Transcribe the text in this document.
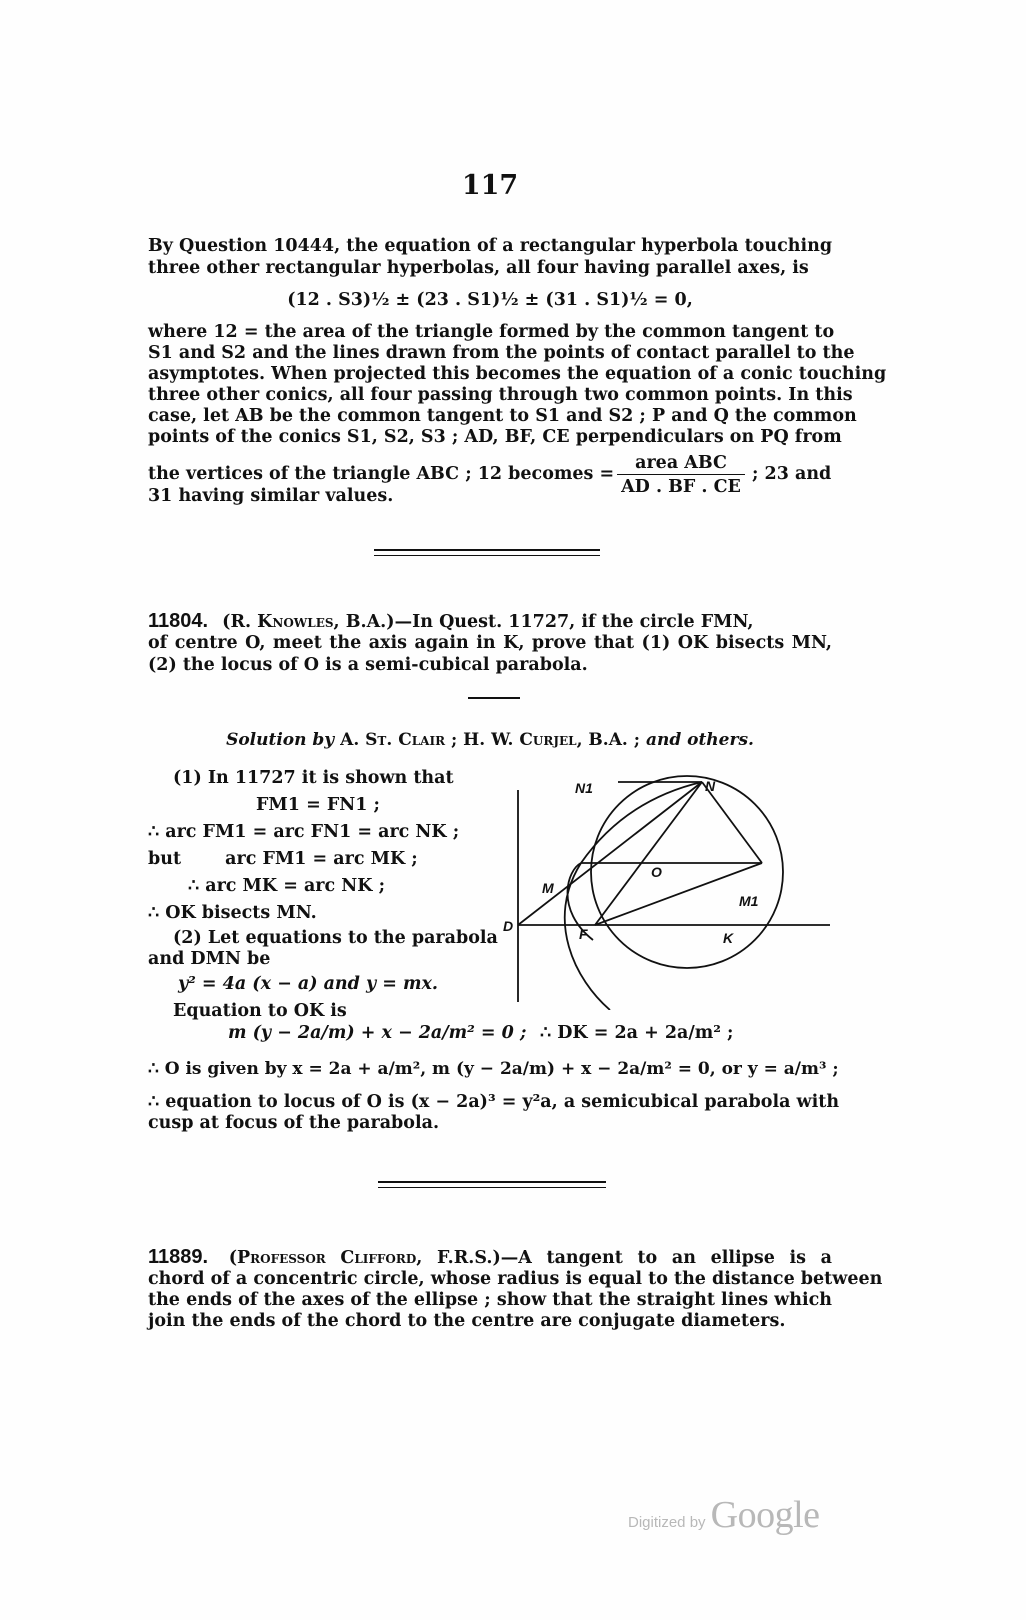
117
By Question 10444, the equation of a rectangular hyperbola touching
three other rectangular hyperbolas, all four having parallel axes, is
(12 . S3)½ ± (23 . S1)½ ± (31 . S1)½ = 0,
where 12 = the area of the triangle formed by the common tangent to
S1 and S2 and the lines drawn from the points of contact parallel to the
asymptotes. When projected this becomes the equation of a conic touching
three other conics, all four passing through two common points. In this
case, let AB be the common tangent to S1 and S2 ; P and Q the common
points of the conics S1, S2, S3 ; AD, BF, CE perpendiculars on PQ from
the vertices of the triangle ABC ; 12 becomes =
area ABC
AD . BF . CE
; 23 and
31 having similar values.
11804. (R. Knowles, B.A.)—In Quest. 11727, if the circle FMN,
of centre O, meet the axis again in K, prove that (1) OK bisects MN,
(2) the locus of O is a semi-cubical parabola.
Solution by A. St. Clair ; H. W. Curjel, B.A. ; and others.
(1) In 11727 it is shown that
FM1 = FN1 ;
∴ arc FM1 = arc FN1 = arc NK ;
but	arc FM1 = arc MK ;
∴ arc MK = arc NK ;
∴ OK bisects MN.
(2) Let equations to the parabola
and DMN be
y² = 4a (x − a) and y = mx.
Equation to OK is
m (y − 2a/m) + x − 2a/m² = 0 ; ∴ DK = 2a + 2a/m² ;
∴ O is given by x = 2a + a/m², m (y − 2a/m) + x − 2a/m² = 0, or y = a/m³ ;
∴ equation to locus of O is (x − 2a)³ = y²a, a semicubical parabola with
cusp at focus of the parabola.
N1	N
O
M
M1
D	F	K
11889. (Professor Clifford, F.R.S.)—A tangent to an ellipse is a
chord of a concentric circle, whose radius is equal to the distance between
the ends of the axes of the ellipse ; show that the straight lines which
join the ends of the chord to the centre are conjugate diameters.
Digitized by Google
